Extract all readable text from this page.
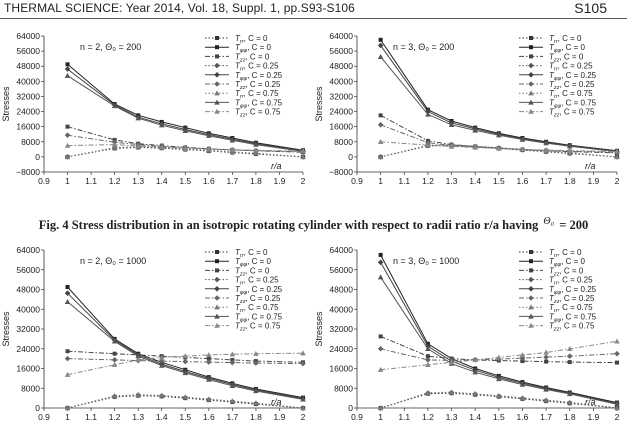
THERMAL SCIENCE: Year 2014, Vol. 18, Suppl. 1, pp.S93-S106	S105
Stresses
−8000
0
8000
16000
24000
32000
40000
48000
56000
64000
0.9 1 1.1 1.2 1.3 1.4 1.5 1.6 1.7 1.8 1.9 2
r/a
n = 2, Θ₀ = 200
$T_{rr}$, C = 0
$T_{\varphi\varphi}$, C = 0
$T_{zz}$, C = 0
$T_{rr}$, C = 0.25
$T_{\varphi\varphi}$, C = 0.25
$T_{zz}$, C = 0.25
$T_{rr}$, C = 0.75
$T_{\varphi\varphi}$, C = 0.75
$T_{zz}$, C = 0.75	Stresses
−8000
0
8000
16000
24000
32000
40000
48000
56000
64000
0.9 1 1.1 1.2 1.3 1.4 1.5 1.6 1.7 1.8 1.9 2
r/a
n = 3, Θ₀ = 200
$T_{rr}$, C = 0
$T_{\varphi\varphi}$, C = 0
$T_{zz}$, C = 0
$T_{rr}$, C = 0.25
$T_{\varphi\varphi}$, C = 0.25
$T_{zz}$, C = 0.25
$T_{rr}$, C = 0.75
$T_{\varphi\varphi}$, C = 0.75
$T_{zz}$, C = 0.75
Fig. 4 Stress distribution in an isotropic rotating cylinder with respect to radii ratio r/a having $^{\Theta_0}$ = 200
Stresses
0
8000
16000
24000
32000
40000
48000
56000
64000
0.9 1 1.1 1.2 1.3 1.4 1.5 1.6 1.7 1.8 1.9 2
r/a
n = 2, Θ₀ = 1000
$T_{rr}$, C = 0
$T_{\varphi\varphi}$, C = 0
$T_{zz}$, C = 0
$T_{rr}$, C = 0.25
$T_{\varphi\varphi}$, C = 0.25
$T_{zz}$, C = 0.25
$T_{rr}$, C = 0.75
$T_{\varphi\varphi}$, C = 0.75
$T_{zz}$, C = 0.75	Stresses
0
8000
16000
24000
32000
40000
48000
56000
64000
0.9 1 1.1 1.2 1.3 1.4 1.5 1.6 1.7 1.8 1.9 2
r/a
n = 3, Θ₀ = 1000
$T_{rr}$, C = 0
$T_{\varphi\varphi}$, C = 0
$T_{zz}$, C = 0
$T_{rr}$, C = 0.25
$T_{\varphi\varphi}$, C = 0.25
$T_{zz}$, C = 0.25
$T_{rr}$, C = 0.75
$T_{\varphi\varphi}$, C = 0.75
$T_{zz}$, C = 0.75
